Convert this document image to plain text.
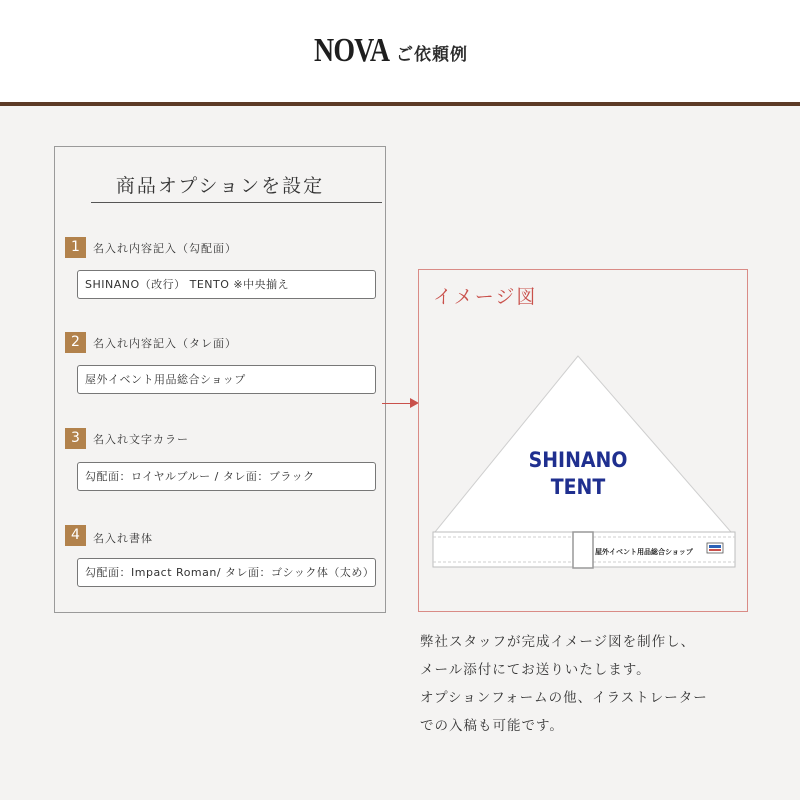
NOVA ご依頼例
商品オプションを設定
1	名入れ内容記入（勾配面）
SHINANO（改行） TENTO ※中央揃え
2	名入れ内容記入（タレ面）
屋外イベント用品総合ショップ
3	名入れ文字カラー
勾配面：ロイヤルブルー / タレ面：ブラック
4	名入れ書体
勾配面：Impact Roman/ タレ面：ゴシック体（太め）
イメージ図
SHINANO
TENT
屋外イベント用品総合ショップ
弊社スタッフが完成イメージ図を制作し、
メール添付にてお送りいたします。
オプションフォームの他、イラストレーター
での入稿も可能です。
